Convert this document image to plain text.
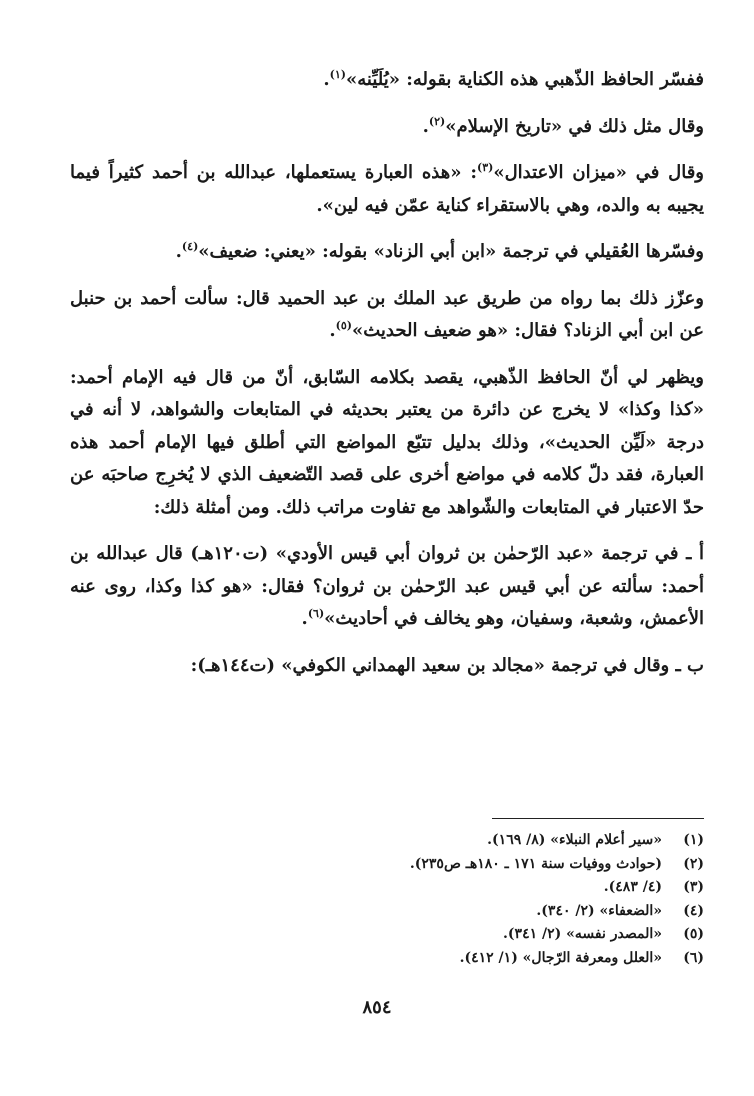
ففسّر الحافظ الذّهبي هذه الكناية بقوله: «يُلَيِّنه»$^{(١)}$.

وقال مثل ذلك في «تاريخ الإسلام»$^{(٢)}$.

وقال في «ميزان الاعتدال»$^{(٣)}$: «هذه العبارة يستعملها، عبدالله بن أحمد كثيراً فيما يجيبه به والده، وهي بالاستقراء كناية عمّن فيه لين».

وفسّرها العُقيلي في ترجمة «ابن أبي الزناد» بقوله: «يعني: ضعيف»$^{(٤)}$.

وعزّز ذلك بما رواه من طريق عبد الملك بن عبد الحميد قال: سألت أحمد بن حنبل عن ابن أبي الزناد؟ فقال: «هو ضعيف الحديث»$^{(٥)}$.

ويظهر لي أنّ الحافظ الذّهبي، يقصد بكلامه السّابق، أنّ من قال فيه الإمام أحمد: «كذا وكذا» لا يخرج عن دائرة من يعتبر بحديثه في المتابعات والشواهد، لا أنه في درجة «لَيِّن الحديث»، وذلك بدليل تتبّع المواضع التي أطلق فيها الإمام أحمد هذه العبارة، فقد دلّ كلامه في مواضع أخرى على قصد التّضعيف الذي لا يُخرِج صاحبَه عن حدّ الاعتبار في المتابعات والشّواهد مع تفاوت مراتب ذلك. ومن أمثلة ذلك:

أ ـ في ترجمة «عبد الرّحمٰن بن ثروان أبي قيس الأودي» (ت١٢٠هـ) قال عبدالله بن أحمد: سألته عن أبي قيس عبد الرّحمٰن بن ثروان؟ فقال: «هو كذا وكذا، روى عنه الأعمش، وشعبة، وسفيان، وهو يخالف في أحاديث»$^{(٦)}$.

ب ـ وقال في ترجمة «مجالد بن سعيد الهمداني الكوفي» (ت١٤٤هـ):

(١)
«سير أعلام النبلاء» (٨/ ١٦٩).
(٢)
(حوادث ووفيات سنة ١٧١ ـ ١٨٠هـ ص٢٣٥).
(٣)
(٤/ ٤٨٣).
(٤)
«الضعفاء» (٢/ ٣٤٠).
(٥)
«المصدر نفسه» (٢/ ٣٤١).
(٦)
«العلل ومعرفة الرّجال» (١/ ٤١٢).
٨٥٤
